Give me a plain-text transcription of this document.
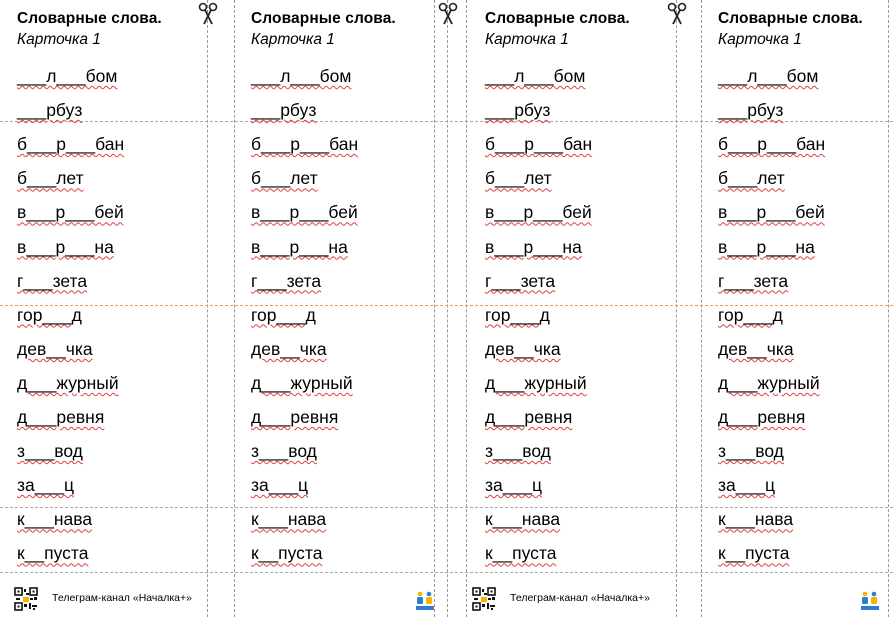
Словарные слова.
Карточка 1
___л___бом
___рбуз
б___р___бан
б___лет
в___р___бей
в___р___на
г___зета
гор___д
дев__чка
д___журный
д___ревня
з___вод
за___ц
к___нава
к__пуста
Словарные слова.
Карточка 1
___л___бом
___рбуз
б___р___бан
б___лет
в___р___бей
в___р___на
г___зета
гор___д
дев__чка
д___журный
д___ревня
з___вод
за___ц
к___нава
к__пуста
Словарные слова.
Карточка 1
___л___бом
___рбуз
б___р___бан
б___лет
в___р___бей
в___р___на
г___зета
гор___д
дев__чка
д___журный
д___ревня
з___вод
за___ц
к___нава
к__пуста
Словарные слова.
Карточка 1
___л___бом
___рбуз
б___р___бан
б___лет
в___р___бей
в___р___на
г___зета
гор___д
дев__чка
д___журный
д___ревня
з___вод
за___ц
к___нава
к__пуста
Телеграм-канал «Началка+»	Телеграм-канал «Началка+»
